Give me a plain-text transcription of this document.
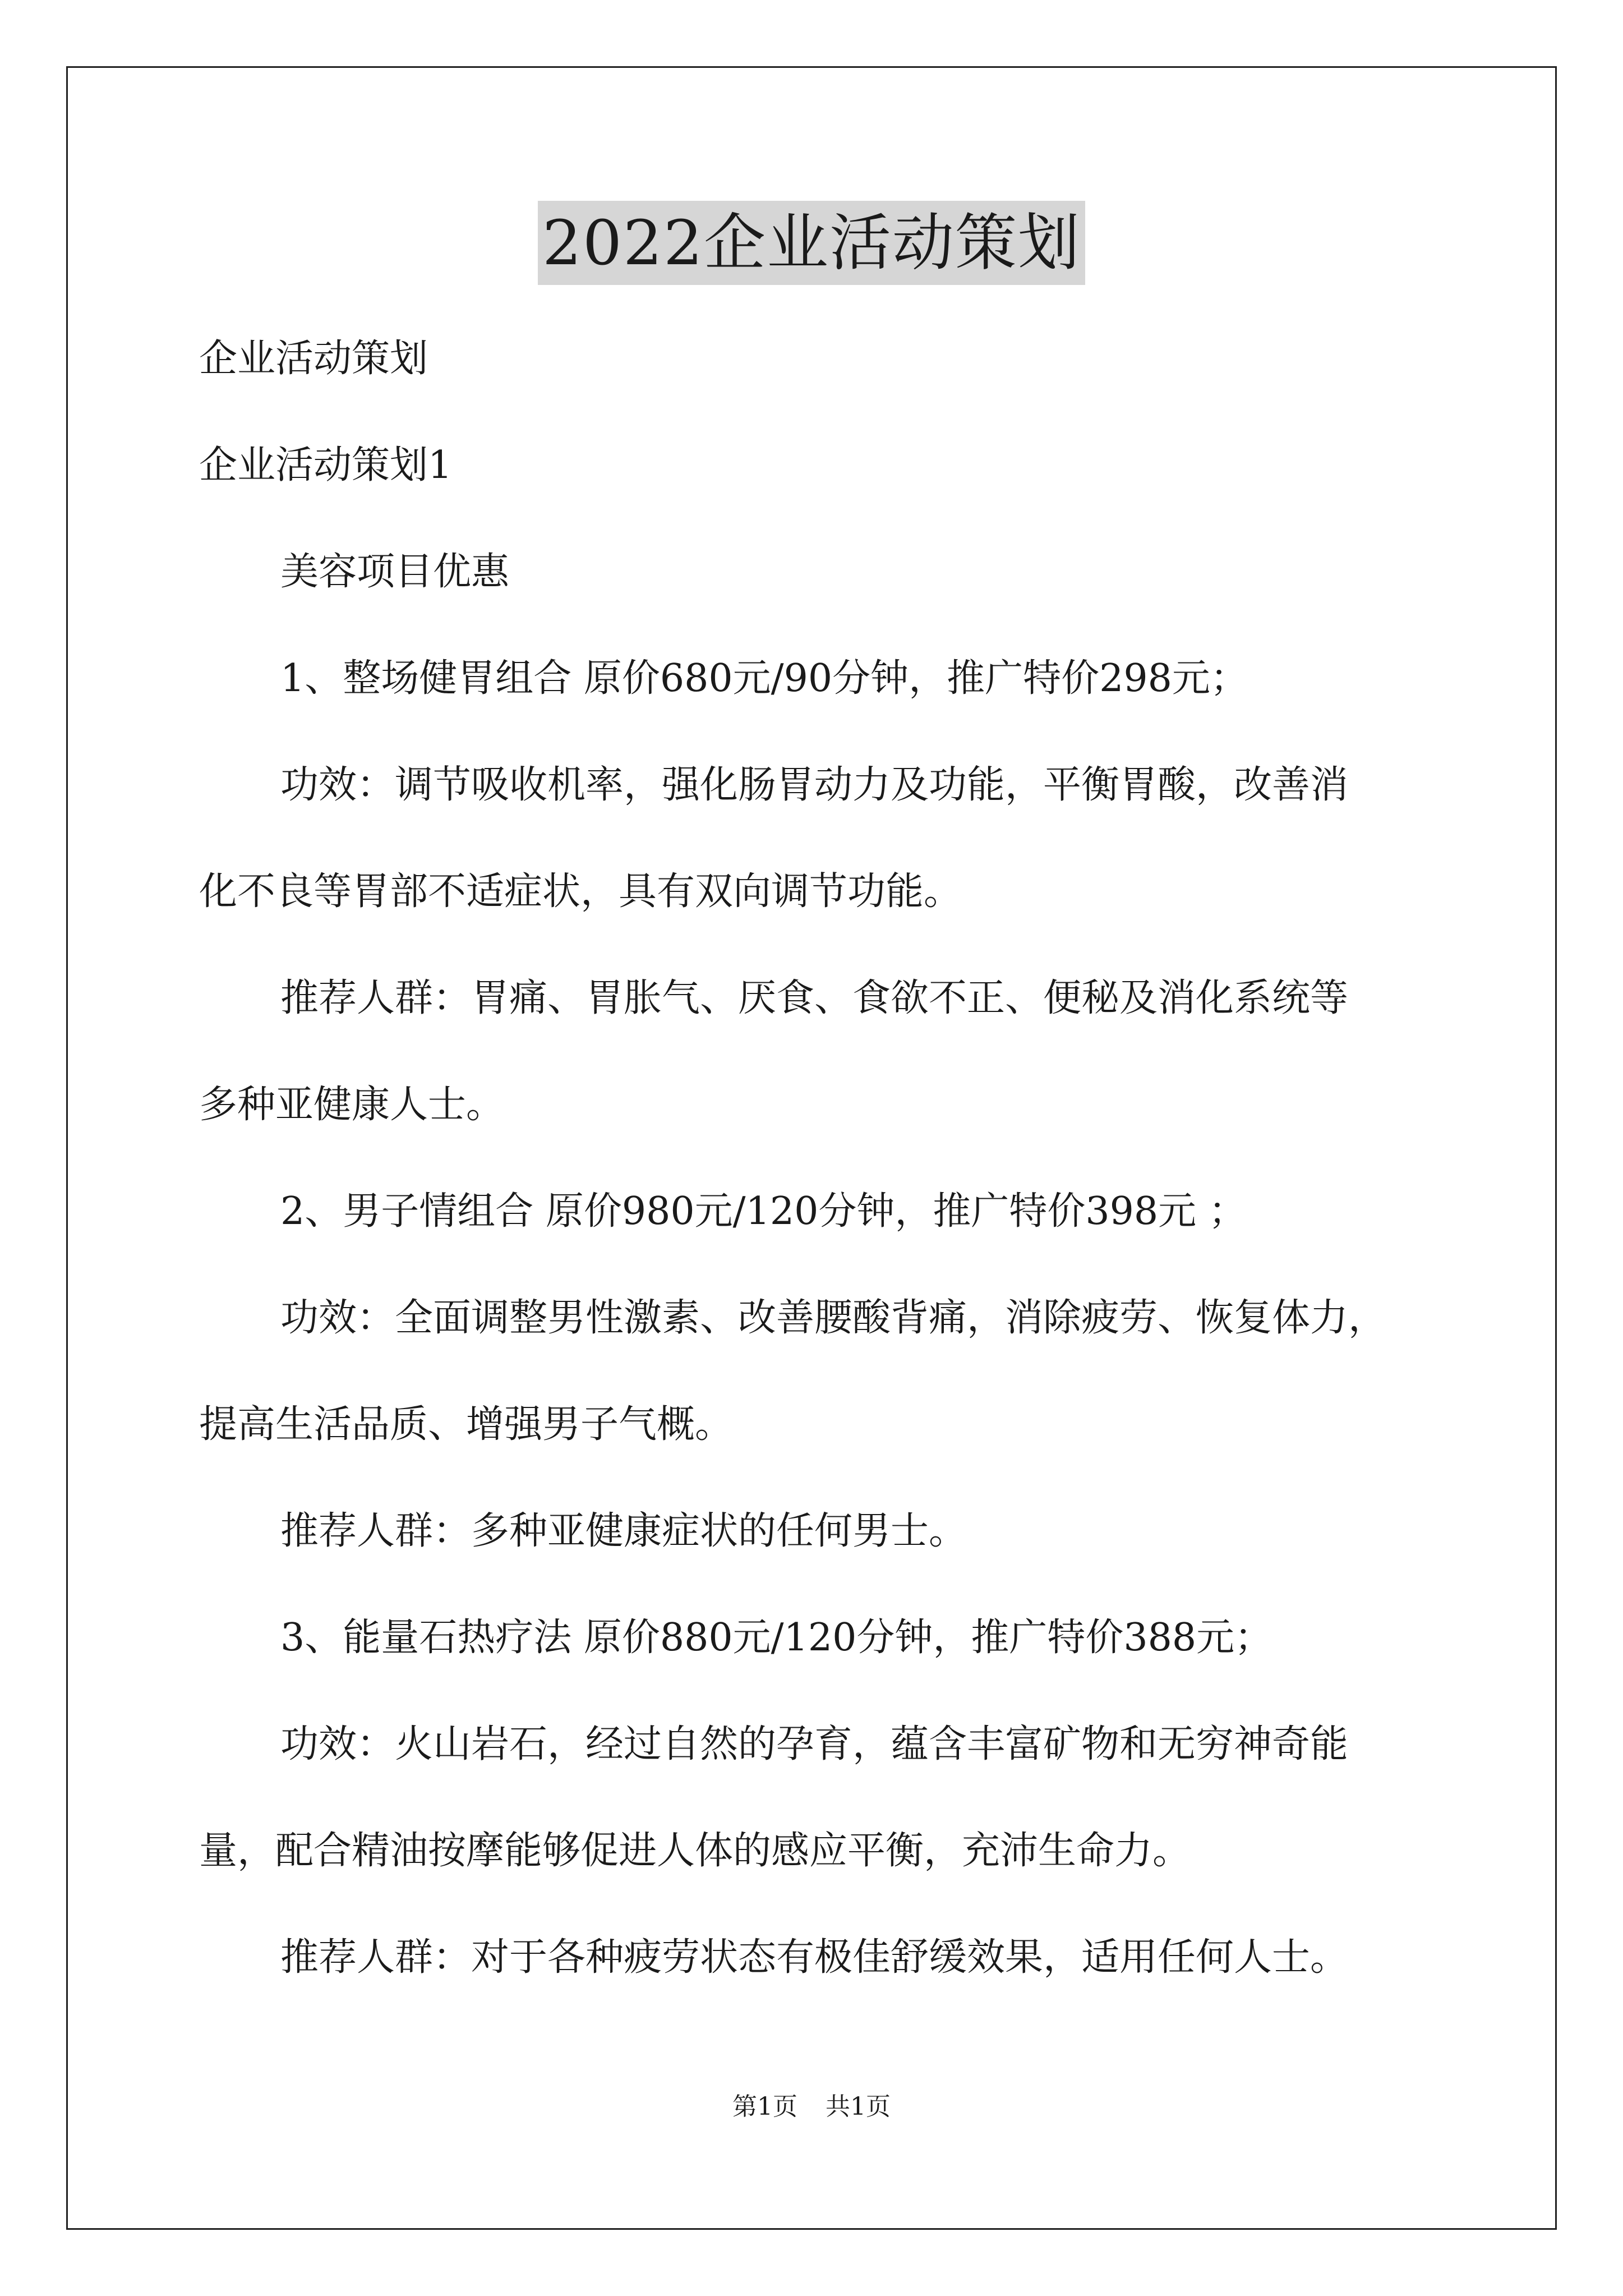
2022企业活动策划

企业活动策划

企业活动策划1

美容项目优惠

1、整场健胃组合 原价680元/90分钟，推广特价298元；

功效：调节吸收机率，强化肠胃动力及功能，平衡胃酸，改善消

化不良等胃部不适症状，具有双向调节功能。

推荐人群：胃痛、胃胀气、厌食、食欲不正、便秘及消化系统等

多种亚健康人士。

2、男子情组合 原价980元/120分钟，推广特价398元 ；

功效：全面调整男性激素、改善腰酸背痛，消除疲劳、恢复体力，

提高生活品质、增强男子气概。

推荐人群：多种亚健康症状的任何男士。

3、能量石热疗法 原价880元/120分钟，推广特价388元；

功效：火山岩石，经过自然的孕育，蕴含丰富矿物和无穷神奇能

量，配合精油按摩能够促进人体的感应平衡，充沛生命力。

推荐人群：对于各种疲劳状态有极佳舒缓效果，适用任何人士。

第1页 共1页
